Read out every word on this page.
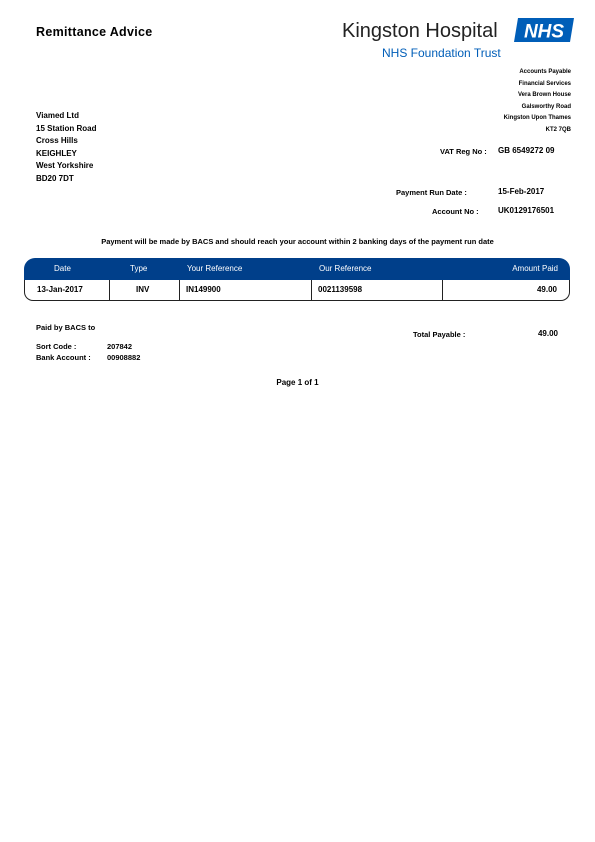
Remittance Advice	Kingston Hospital
NHS Foundation Trust
NHS
Accounts Payable
Financial Services
Vera Brown House
Galsworthy Road
Kingston Upon Thames
KT2 7QB
Viamed Ltd
15 Station Road
Cross Hills
KEIGHLEY
West Yorkshire
BD20 7DT
VAT Reg No : GB 6549272 09
Payment Run Date :	15-Feb-2017
Account No : UK0129176501
Payment will be made by BACS and should reach your account within 2 banking days of the payment run date
Date	Type	Your Reference	Our Reference	Amount Paid
13-Jan-2017	INV	IN149900	0021139598	49.00
Paid by BACS to
Sort Code :	207842
Bank Account : 00908882
Total Payable :	49.00
Page 1 of 1
